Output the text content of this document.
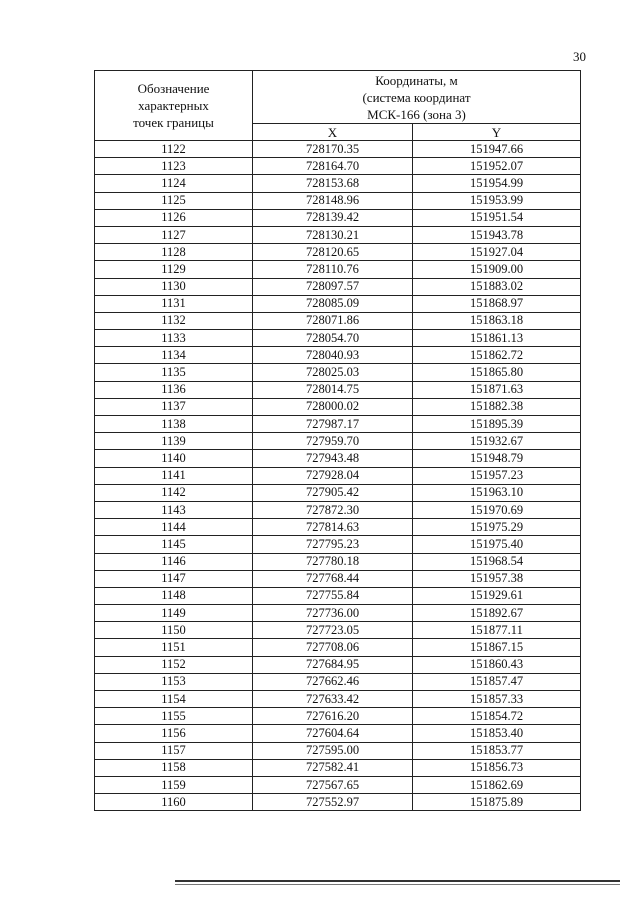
30
Обозначение
характерных
точек границы	Координаты, м
(система координат
МСК-166 (зона 3)	
	X	Y
1122	728170.35	151947.66
1123	728164.70	151952.07
1124	728153.68	151954.99
1125	728148.96	151953.99
1126	728139.42	151951.54
1127	728130.21	151943.78
1128	728120.65	151927.04
1129	728110.76	151909.00
1130	728097.57	151883.02
1131	728085.09	151868.97
1132	728071.86	151863.18
1133	728054.70	151861.13
1134	728040.93	151862.72
1135	728025.03	151865.80
1136	728014.75	151871.63
1137	728000.02	151882.38
1138	727987.17	151895.39
1139	727959.70	151932.67
1140	727943.48	151948.79
1141	727928.04	151957.23
1142	727905.42	151963.10
1143	727872.30	151970.69
1144	727814.63	151975.29
1145	727795.23	151975.40
1146	727780.18	151968.54
1147	727768.44	151957.38
1148	727755.84	151929.61
1149	727736.00	151892.67
1150	727723.05	151877.11
1151	727708.06	151867.15
1152	727684.95	151860.43
1153	727662.46	151857.47
1154	727633.42	151857.33
1155	727616.20	151854.72
1156	727604.64	151853.40
1157	727595.00	151853.77
1158	727582.41	151856.73
1159	727567.65	151862.69
1160	727552.97	151875.89
